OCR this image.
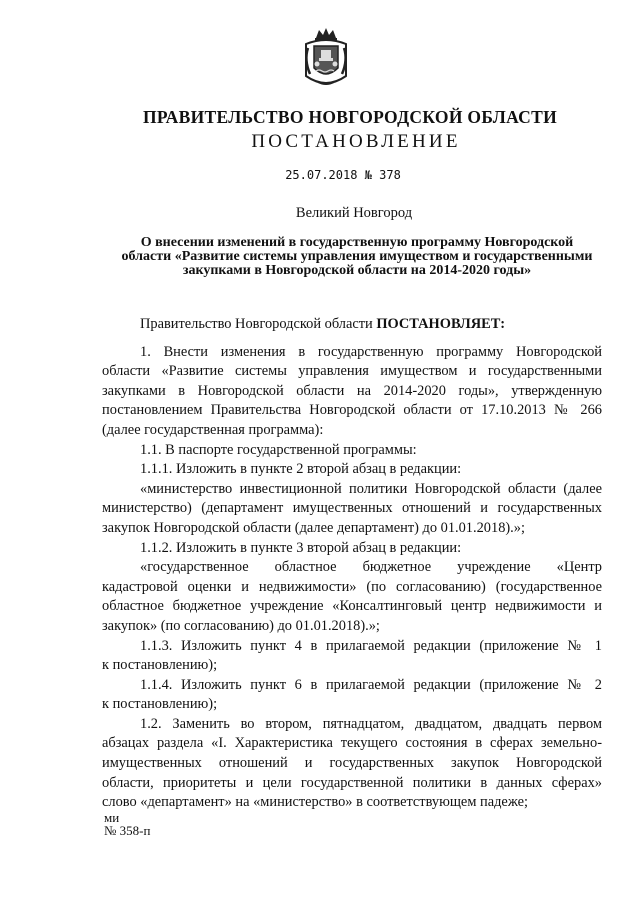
ПРАВИТЕЛЬСТВО НОВГОРОДСКОЙ ОБЛАСТИ
ПОСТАНОВЛЕНИЕ
25.07.2018 № 378
Великий Новгород
О внесении изменений в государственную программу Новгородской
области «Развитие системы управления имуществом и государственными
закупками в Новгородской области на 2014-2020 годы»

Правительство Новгородской области ПОСТАНОВЛЯЕТ:

1. Внести изменения в государственную программу Новгородской
области «Развитие системы управления имуществом и государственными
закупками в Новгородской области на 2014-2020 годы», утвержденную
постановлением Правительства Новгородской области от 17.10.2013 № 266
(далее государственная программа):

1.1. В паспорте государственной программы:

1.1.1. Изложить в пункте 2 второй абзац в редакции:

«министерство инвестиционной политики Новгородской области (далее
министерство) (департамент имущественных отношений и государственных
закупок Новгородской области (далее департамент) до 01.01.2018).»;

1.1.2. Изложить в пункте 3 второй абзац в редакции:

«государственное областное бюджетное учреждение «Центр
кадастровой оценки и недвижимости» (по согласованию) (государственное
областное бюджетное учреждение «Консалтинговый центр недвижимости и
закупок» (по согласованию) до 01.01.2018).»;

1.1.3. Изложить пункт 4 в прилагаемой редакции (приложение № 1
к постановлению);

1.1.4. Изложить пункт 6 в прилагаемой редакции (приложение № 2
к постановлению);

1.2. Заменить во втором, пятнадцатом, двадцатом, двадцать первом
абзацах раздела «I. Характеристика текущего состояния в сферах земельно-
имущественных отношений и государственных закупок Новгородской
области, приоритеты и цели государственной политики в данных сферах»
слово «департамент» на «министерство» в соответствующем падеже;

ми
№ 358-п
